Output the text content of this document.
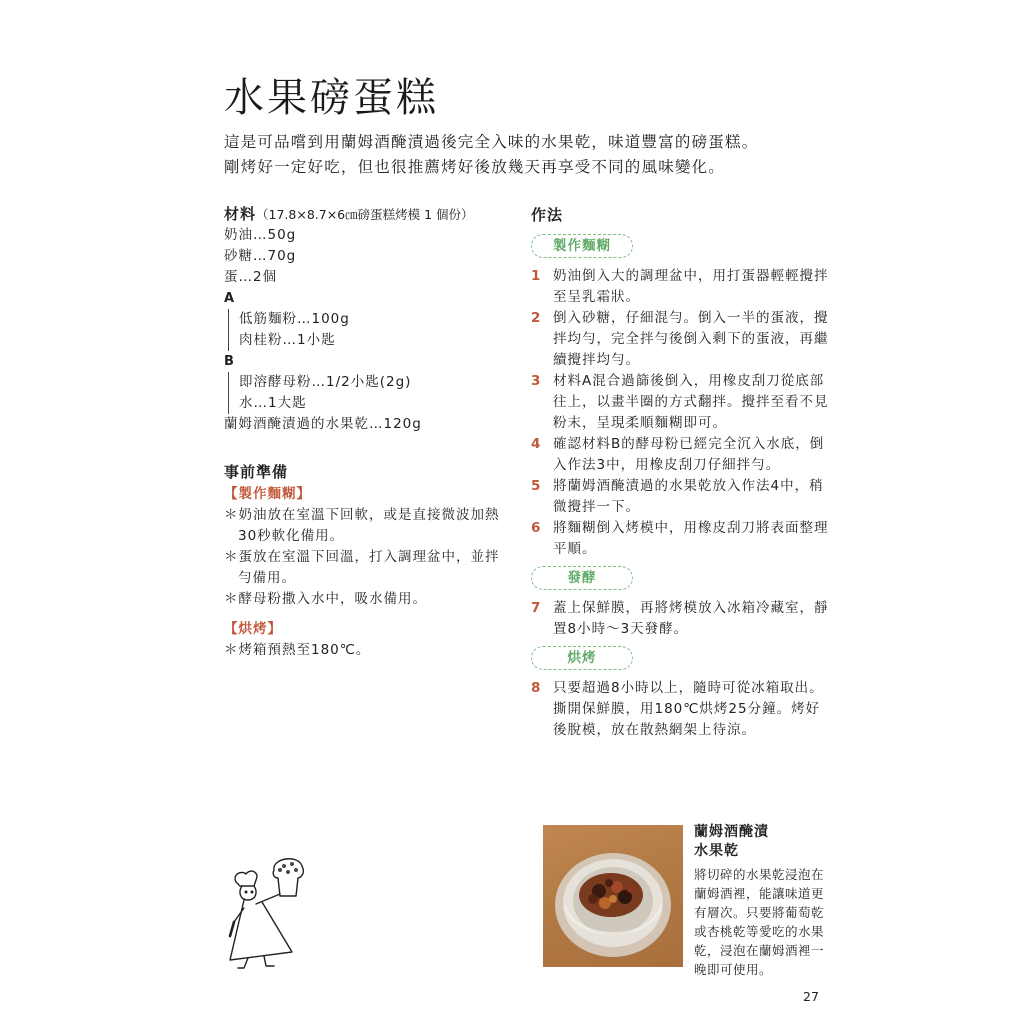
水果磅蛋糕
這是可品嚐到用蘭姆酒醃漬過後完全入味的水果乾，味道豐富的磅蛋糕。
剛烤好一定好吃，但也很推薦烤好後放幾天再享受不同的風味變化。
材料（17.8×8.7×6㎝磅蛋糕烤模 1 個份）
奶油…50g
砂糖…70g
蛋…2個
A
低筋麵粉…100g
肉桂粉…1小匙
B
即溶酵母粉…1/2小匙(2g)
水…1大匙
蘭姆酒醃漬過的水果乾…120g
事前準備
【製作麵糊】
＊奶油放在室溫下回軟，或是直接微波加熱30秒軟化備用。
＊蛋放在室溫下回溫，打入調理盆中，並拌勻備用。
＊酵母粉撒入水中，吸水備用。
【烘烤】
＊烤箱預熱至180℃。
作法
製作麵糊
1 奶油倒入大的調理盆中，用打蛋器輕輕攪拌至呈乳霜狀。
2 倒入砂糖，仔細混勻。倒入一半的蛋液，攪拌均勻，完全拌勻後倒入剩下的蛋液，再繼續攪拌均勻。
3 材料A混合過篩後倒入，用橡皮刮刀從底部往上，以畫半圈的方式翻拌。攪拌至看不見粉末，呈現柔順麵糊即可。
4 確認材料B的酵母粉已經完全沉入水底，倒入作法3中，用橡皮刮刀仔細拌勻。
5 將蘭姆酒醃漬過的水果乾放入作法4中，稍微攪拌一下。
6 將麵糊倒入烤模中，用橡皮刮刀將表面整理平順。
發酵
7 蓋上保鮮膜，再將烤模放入冰箱冷藏室，靜置8小時～3天發酵。
烘烤
8 只要超過8小時以上，隨時可從冰箱取出。撕開保鮮膜，用180℃烘烤25分鐘。烤好後脫模，放在散熱網架上待涼。
蘭姆酒醃漬
水果乾
將切碎的水果乾浸泡在蘭姆酒裡，能讓味道更有層次。只要將葡萄乾或杏桃乾等愛吃的水果乾，浸泡在蘭姆酒裡一晚即可使用。
27
